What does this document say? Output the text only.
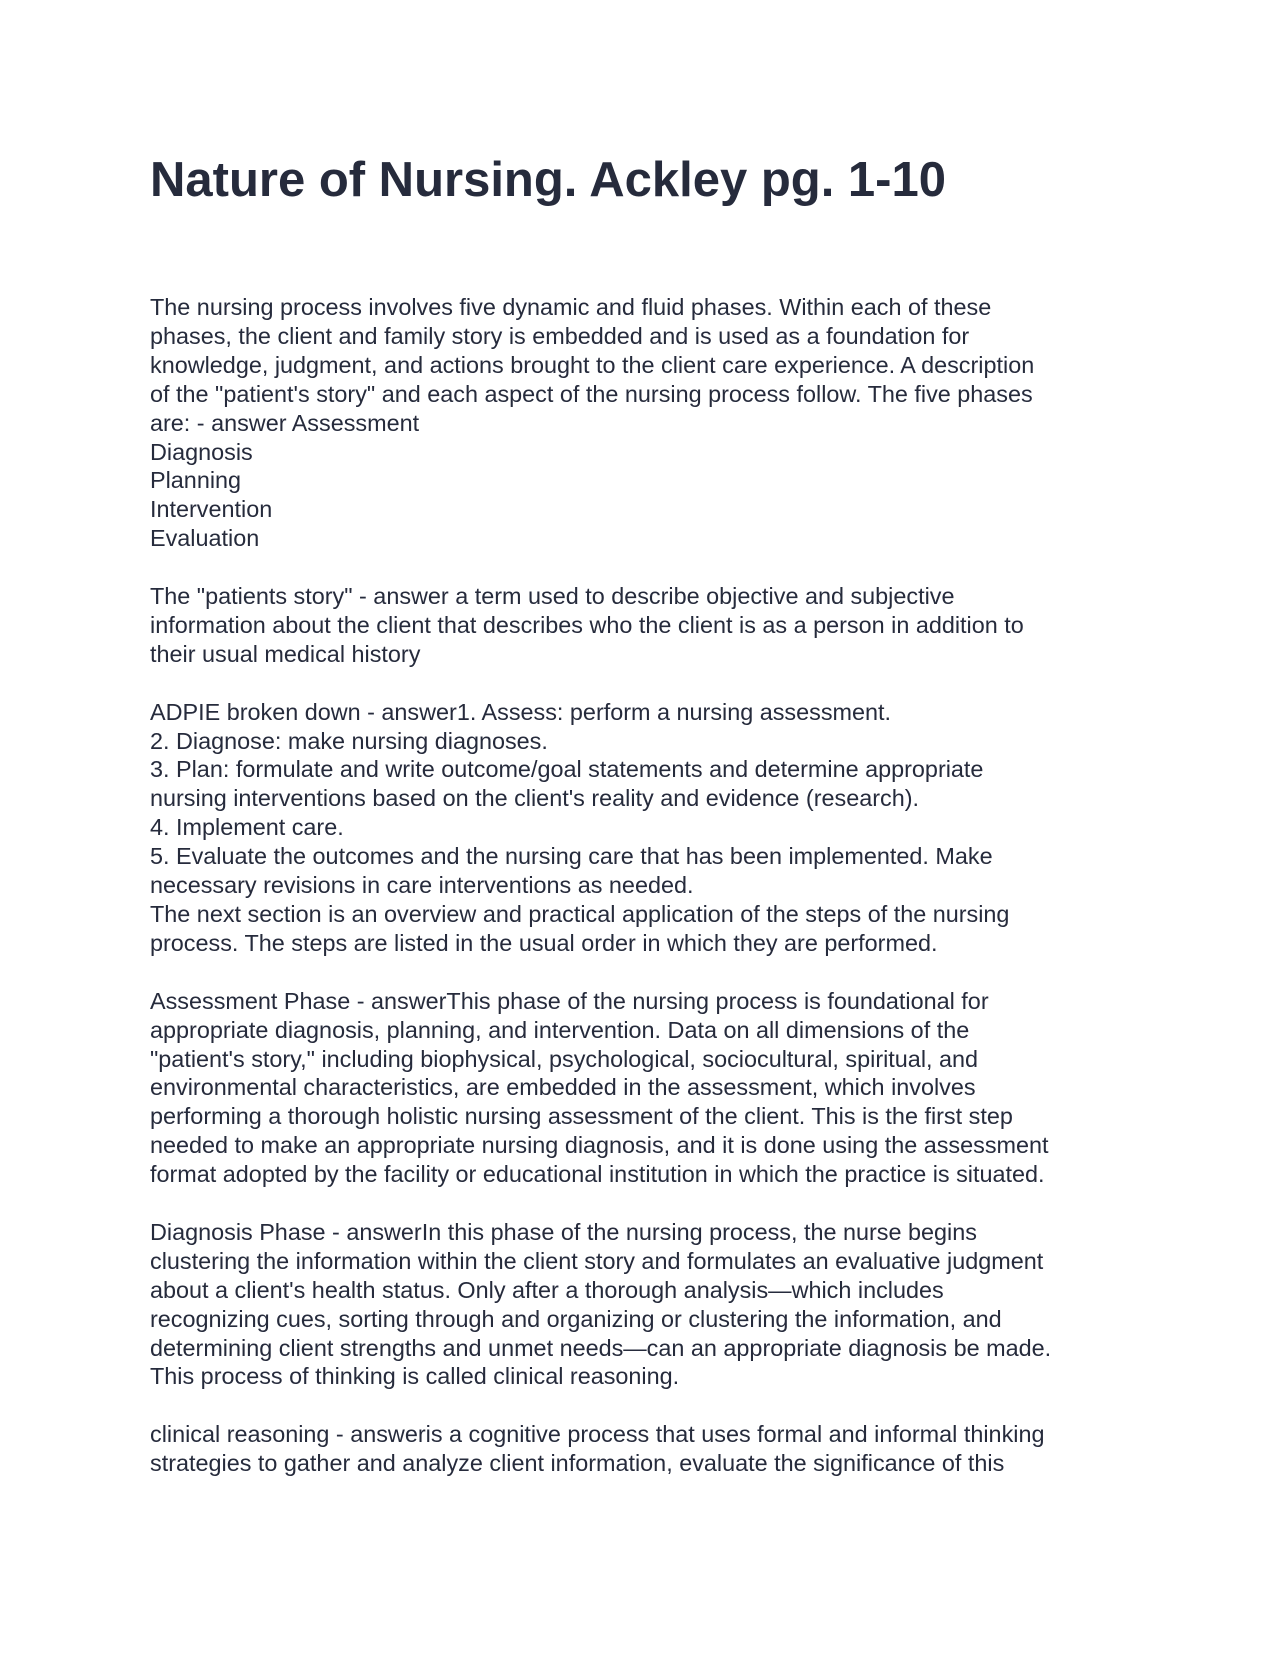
Nature of Nursing. Ackley pg. 1-10

The nursing process involves five dynamic and fluid phases. Within each of these
phases, the client and family story is embedded and is used as a foundation for
knowledge, judgment, and actions brought to the client care experience. A description
of the "patient's story" and each aspect of the nursing process follow. The five phases
are: - answer Assessment
Diagnosis
Planning
Intervention
Evaluation

The "patients story" - answer a term used to describe objective and subjective
information about the client that describes who the client is as a person in addition to
their usual medical history

ADPIE broken down - answer1. Assess: perform a nursing assessment.
2. Diagnose: make nursing diagnoses.
3. Plan: formulate and write outcome/goal statements and determine appropriate
nursing interventions based on the client's reality and evidence (research).
4. Implement care.
5. Evaluate the outcomes and the nursing care that has been implemented. Make
necessary revisions in care interventions as needed.
The next section is an overview and practical application of the steps of the nursing
process. The steps are listed in the usual order in which they are performed.

Assessment Phase - answerThis phase of the nursing process is foundational for
appropriate diagnosis, planning, and intervention. Data on all dimensions of the
"patient's story," including biophysical, psychological, sociocultural, spiritual, and
environmental characteristics, are embedded in the assessment, which involves
performing a thorough holistic nursing assessment of the client. This is the first step
needed to make an appropriate nursing diagnosis, and it is done using the assessment
format adopted by the facility or educational institution in which the practice is situated.

Diagnosis Phase - answerIn this phase of the nursing process, the nurse begins
clustering the information within the client story and formulates an evaluative judgment
about a client's health status. Only after a thorough analysis—which includes
recognizing cues, sorting through and organizing or clustering the information, and
determining client strengths and unmet needs—can an appropriate diagnosis be made.
This process of thinking is called clinical reasoning.

clinical reasoning - answeris a cognitive process that uses formal and informal thinking
strategies to gather and analyze client information, evaluate the significance of this
